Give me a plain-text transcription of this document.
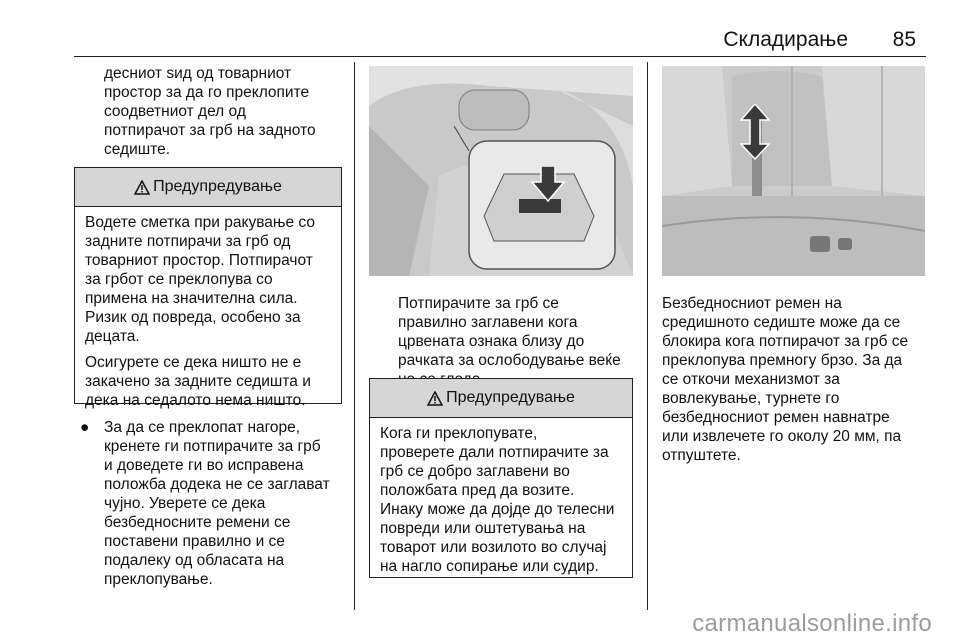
Складирање 85
десниот ѕид од товарниот
простор за да го преклопите
соодветниот дел од
потпирачот за грб на задното
седиште.
Предупредување

Водете сметка при ракување со
задните потпирачи за грб од
товарниот простор. Потпирачот
за грбот се преклопува со
примена на значителна сила.
Ризик од повреда, особено за
децата.

Осигурете се дека ништо не е
закачено за задните седишта и
дека на седалото нема ништо.

● За да се преклопат нагоре,
кренете ги потпирачите за грб
и доведете ги во исправена
положба додека не се заглават
чујно. Уверете се дека
безбедносните ремени се
поставени правилно и се
подалеку од обласата на
преклопување.
Потпирачите за грб се
правилно заглавени кога
црвената ознака близу до
рачката за ослободување веќе
Предупредување

Кога ги преклопувате,
проверете дали потпирачите за
грб се добро заглавени во
положбата пред да возите.
Инаку може да дојде до телесни
повреди или оштетувања на
товарот или возилото во случај
на нагло сопирање или судир.

Безбедносниот ремен на
средишното седиште може да се
блокира кога потпирачот за грб се
преклопува премногу брзо. За да
се откочи механизмот за
вовлекување, турнете го
безбедносниот ремен навнатре
или извлечете го околу 20 мм, па
отпуштете.
carmanualsonline.info
